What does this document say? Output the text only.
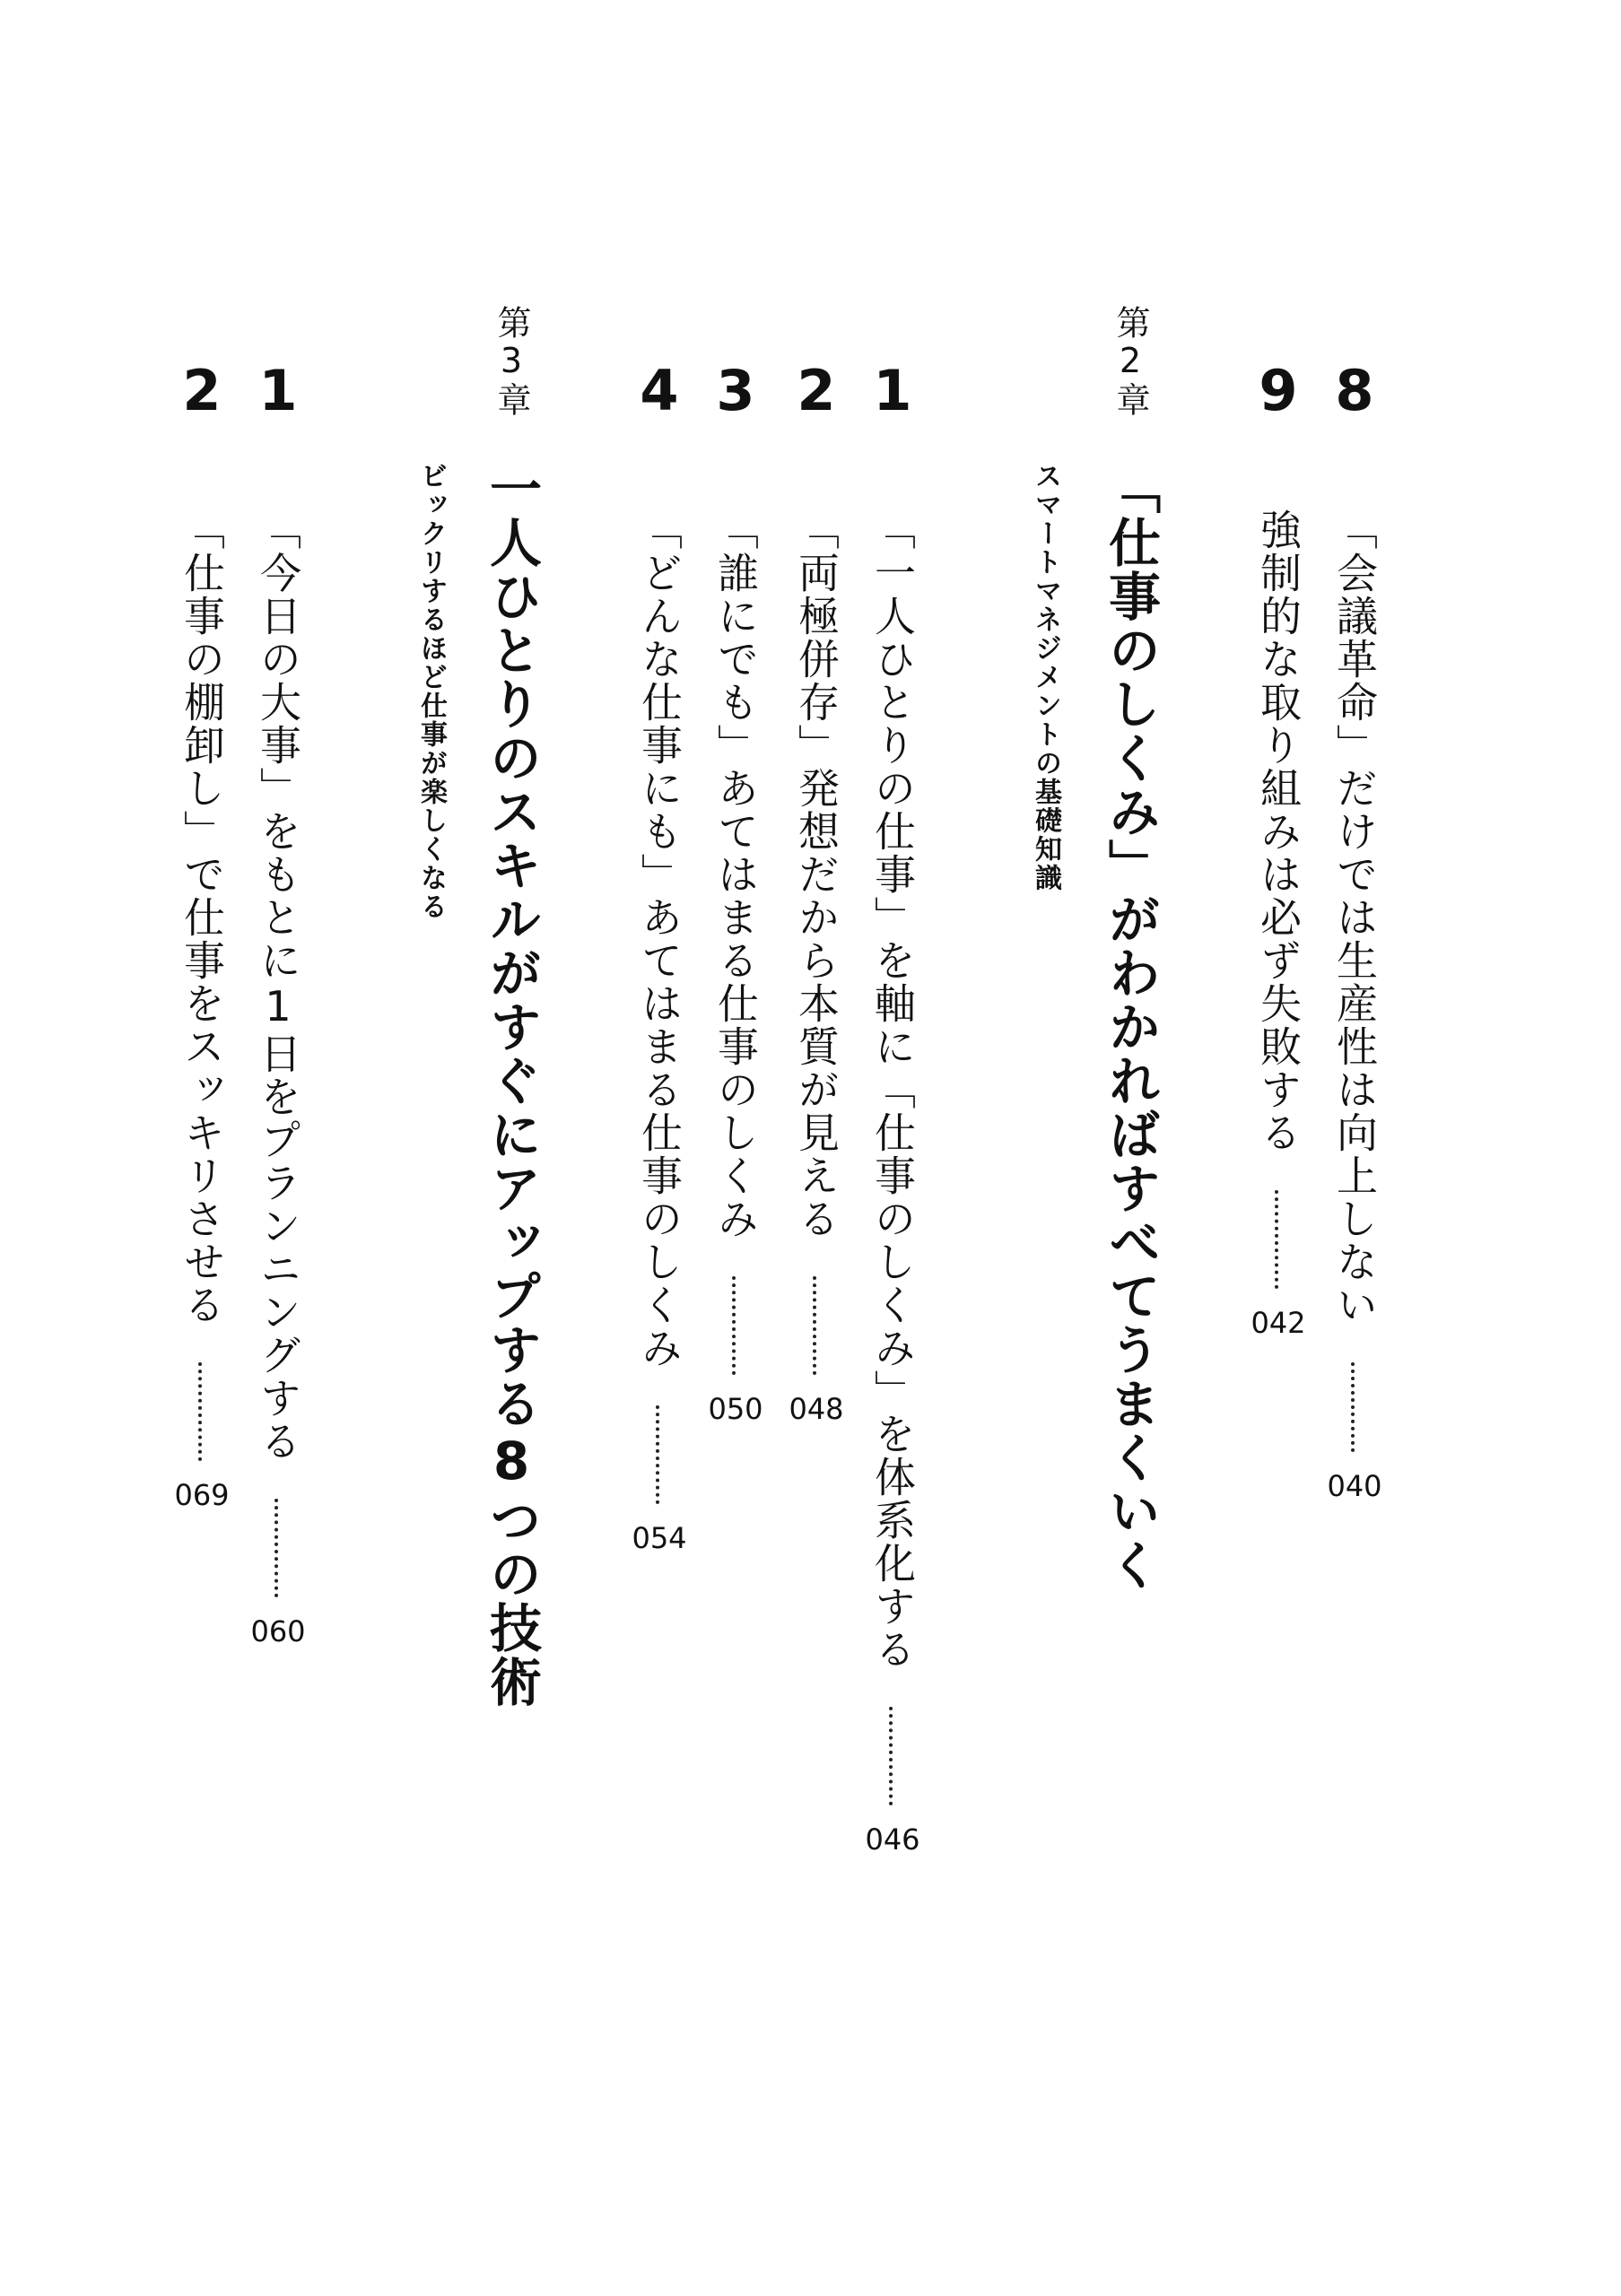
8
「会議革命」だけでは生産性は向上しない
040
9
強制的な取り組みは必ず失敗する
042
第2章
「仕事のしくみ」がわかればすべてうまくいく
スマートマネジメントの基礎知識
1
「一人ひとりの仕事」を軸に「仕事のしくみ」を体系化する
046
2
「両極併存」発想だから本質が見える
048
3
「誰にでも」あてはまる仕事のしくみ
050
4
「どんな仕事にも」あてはまる仕事のしくみ
054
第3章
一人ひとりのスキルがすぐにアップする8つの技術
ビックリするほど仕事が楽しくなる
1
「今日の大事」をもとに1日をプランニングする
060
2
「仕事の棚卸し」で仕事をスッキリさせる
069
